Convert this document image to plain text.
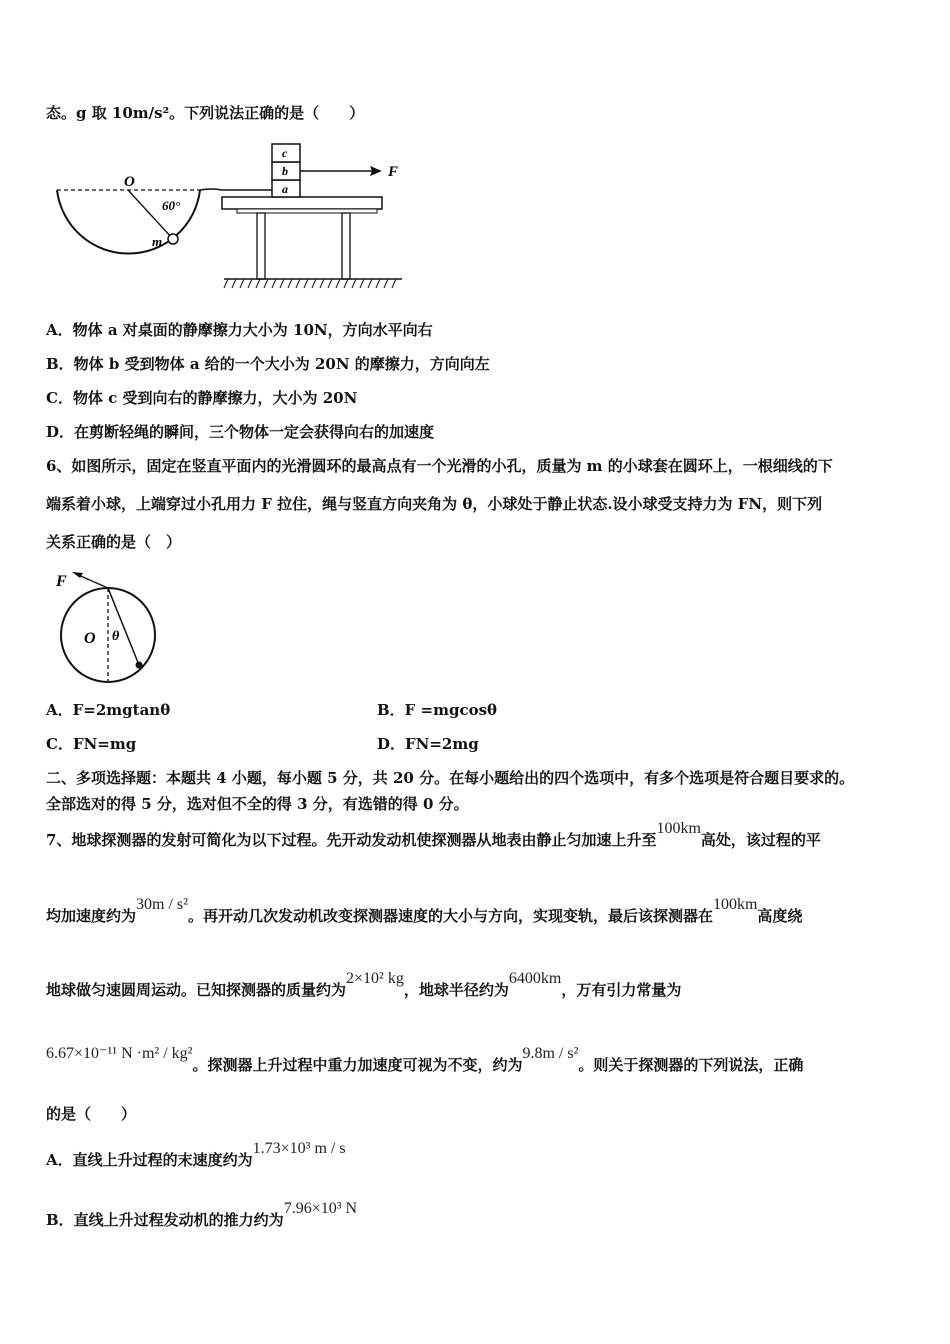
态。g 取 10m/s²。下列说法正确的是（　　）
O
60°
m
a
b
c
F
A．物体 a 对桌面的静摩擦力大小为 10N，方向水平向右
B．物体 b 受到物体 a 给的一个大小为 20N 的摩擦力，方向向左
C．物体 c 受到向右的静摩擦力，大小为 20N
D．在剪断轻绳的瞬间，三个物体一定会获得向右的加速度
6、如图所示，固定在竖直平面内的光滑圆环的最高点有一个光滑的小孔，质量为 m 的小球套在圆环上，一根细线的下
端系着小球，上端穿过小孔用力 F 拉住，绳与竖直方向夹角为 θ，小球处于静止状态.设小球受支持力为 FN，则下列
关系正确的是（　）
F
O θ
A．F=2mgtanθ	B．F =mgcosθ
C．FN=mg	D．FN=2mg
二、多项选择题：本题共 4 小题，每小题 5 分，共 20 分。在每小题给出的四个选项中，有多个选项是符合题目要求的。
全部选对的得 5 分，选对但不全的得 3 分，有选错的得 0 分。
7、地球探测器的发射可简化为以下过程。先开动发动机使探测器从地表由静止匀加速上升至100km高处，该过程的平
均加速度约为30m / s²。再开动几次发动机改变探测器速度的大小与方向，实现变轨，最后该探测器在100km高度绕
地球做匀速圆周运动。已知探测器的质量约为2×10² kg，地球半径约为6400km，万有引力常量为
6.67×10⁻¹¹ N ·m² / kg²。探测器上升过程中重力加速度可视为不变，约为9.8m / s²。则关于探测器的下列说法，正确
的是（　　）
A．直线上升过程的末速度约为1.73×10³ m / s
B．直线上升过程发动机的推力约为7.96×10³ N
